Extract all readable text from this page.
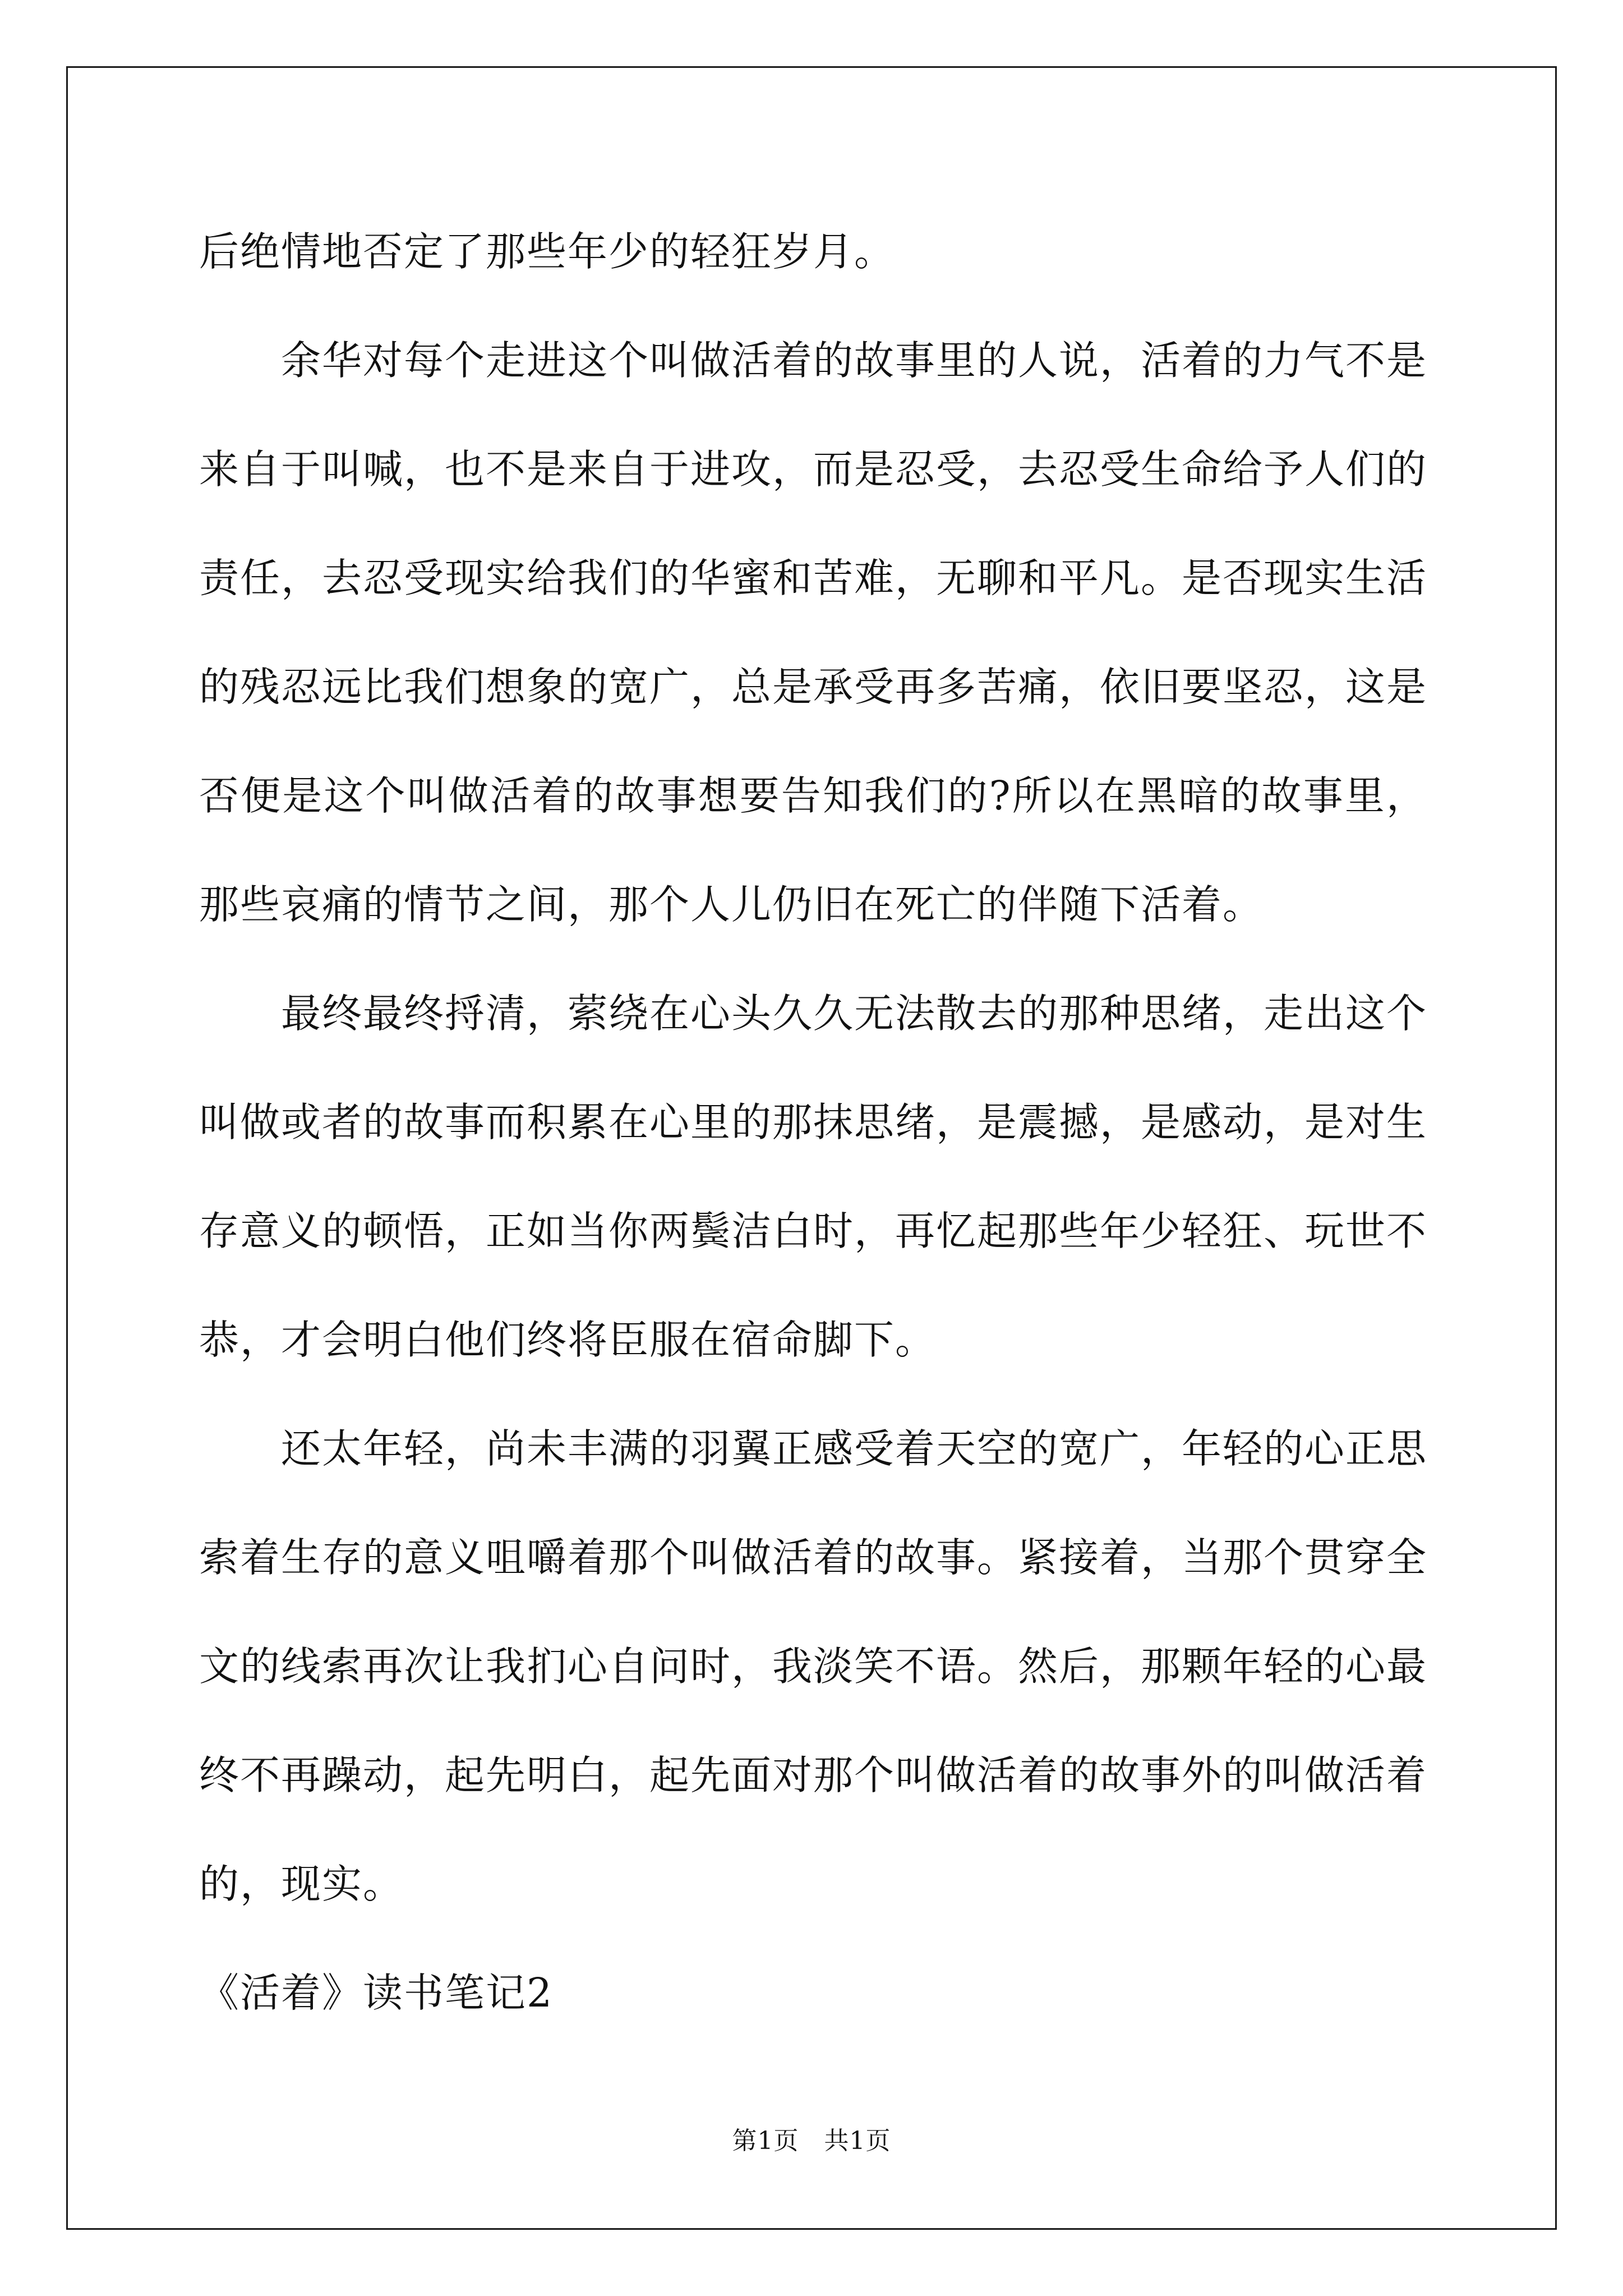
后绝情地否定了那些年少的轻狂岁月。

余华对每个走进这个叫做活着的故事里的人说，活着的力气不是来自于叫喊，也不是来自于进攻，而是忍受，去忍受生命给予人们的责任，去忍受现实给我们的华蜜和苦难，无聊和平凡。是否现实生活的残忍远比我们想象的宽广，总是承受再多苦痛，依旧要坚忍，这是否便是这个叫做活着的故事想要告知我们的?所以在黑暗的故事里，那些哀痛的情节之间，那个人儿仍旧在死亡的伴随下活着。

最终最终捋清，萦绕在心头久久无法散去的那种思绪，走出这个叫做或者的故事而积累在心里的那抹思绪，是震撼，是感动，是对生存意义的顿悟，正如当你两鬓洁白时，再忆起那些年少轻狂、玩世不恭，才会明白他们终将臣服在宿命脚下。

还太年轻，尚未丰满的羽翼正感受着天空的宽广，年轻的心正思索着生存的意义咀嚼着那个叫做活着的故事。紧接着，当那个贯穿全文的线索再次让我扪心自问时，我淡笑不语。然后，那颗年轻的心最终不再躁动，起先明白，起先面对那个叫做活着的故事外的叫做活着的，现实。

《活着》读书笔记2

第1页　共1页
